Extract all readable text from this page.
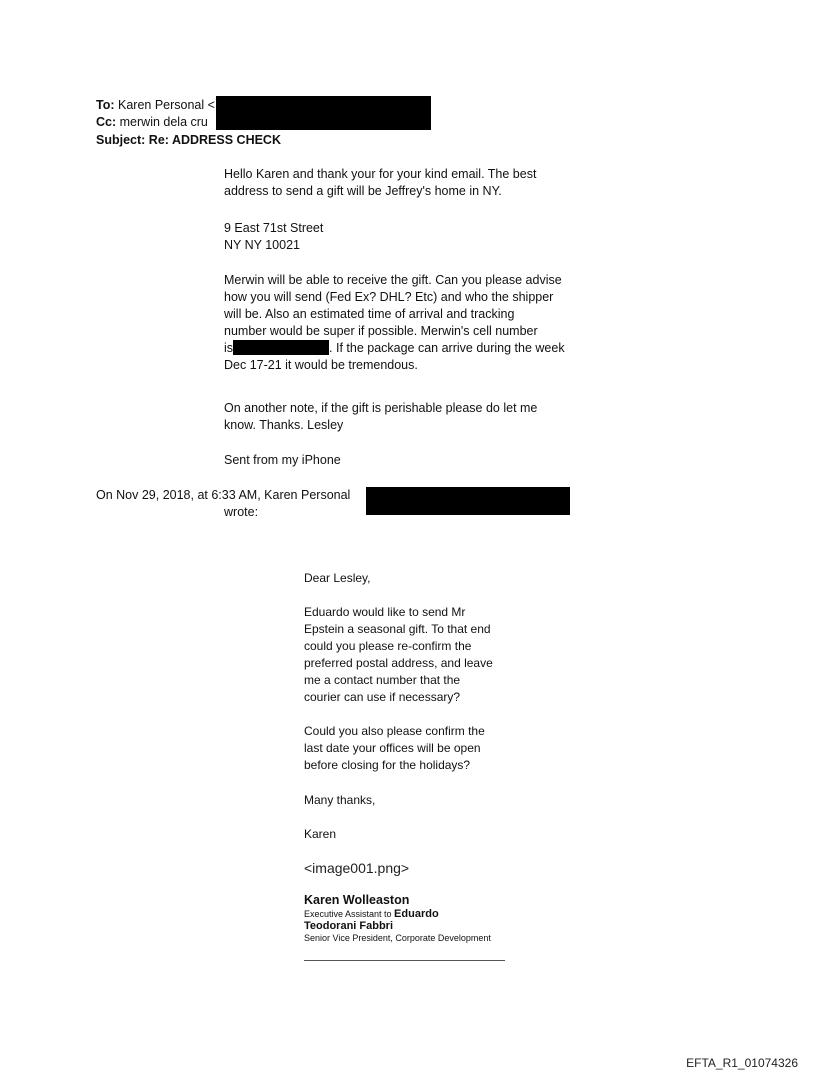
To: Karen Personal <
Cc: merwin dela cru
Subject: Re: ADDRESS CHECK
Hello Karen and thank your for your kind email. The best
address to send a gift will be Jeffrey's home in NY.
9 East 71st Street
NY NY 10021
Merwin will be able to receive the gift. Can you please advise
how you will send (Fed Ex? DHL? Etc) and who the shipper
will be. Also an estimated time of arrival and tracking
number would be super if possible. Merwin's cell number
is	. If the package can arrive during the week
Dec 17-21 it would be tremendous.
On another note, if the gift is perishable please do let me
know. Thanks. Lesley
Sent from my iPhone
On Nov 29, 2018, at 6:33 AM, Karen Personal
wrote:
Dear Lesley,
Eduardo would like to send Mr
Epstein a seasonal gift. To that end
could you please re-confirm the
preferred postal address, and leave
me a contact number that the
courier can use if necessary?
Could you also please confirm the
last date your offices will be open
before closing for the holidays?
Many thanks,
Karen
<image001.png>
Karen Wolleaston
Executive Assistant to Eduardo
Teodorani Fabbri
Senior Vice President, Corporate Development
EFTA_R1_01074326
